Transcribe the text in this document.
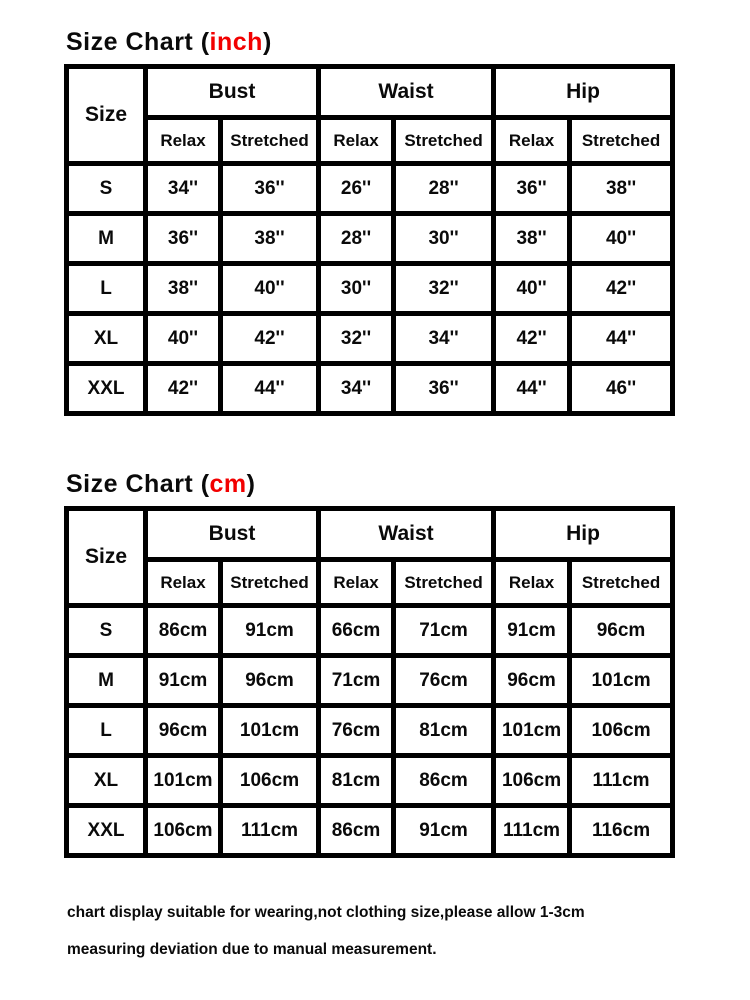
Size Chart (inch)
Size	Bust		Waist		Hip	
	Relax	Stretched	Relax	Stretched	Relax	Stretched
S	34''	36''	26''	28''	36''	38''
M	36''	38''	28''	30''	38''	40''
L	38''	40''	30''	32''	40''	42''
XL	40''	42''	32''	34''	42''	44''
XXL	42''	44''	34''	36''	44''	46''
Size Chart (cm)
Size	Bust		Waist		Hip	
	Relax	Stretched	Relax	Stretched	Relax	Stretched
S	86cm	91cm	66cm	71cm	91cm	96cm
M	91cm	96cm	71cm	76cm	96cm	101cm
L	96cm	101cm	76cm	81cm	101cm	106cm
XL	101cm	106cm	81cm	86cm	106cm	111cm
XXL	106cm	111cm	86cm	91cm	111cm	116cm

chart display suitable for wearing,not clothing size,please allow 1-3cm

measuring deviation due to manual measurement.
